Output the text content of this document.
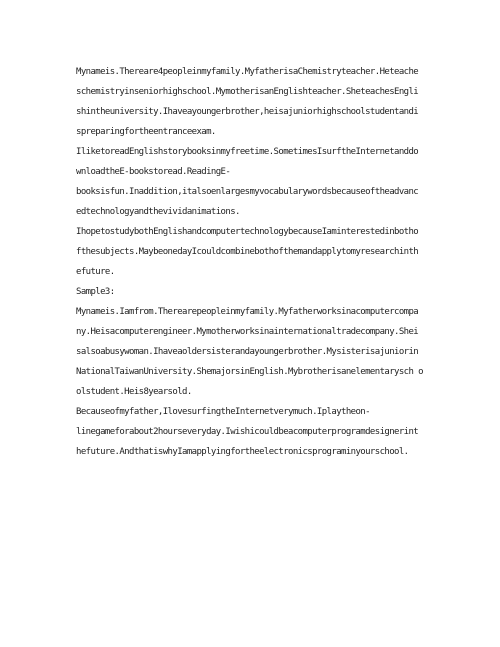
Mynameis.Thereare4peopleinmyfamily.MyfatherisaChemistryteacher.Heteache
schemistryinseniorhighschool.MymotherisanEnglishteacher.SheteachesEngli
shintheuniversity.Ihaveayoungerbrother,heisajuniorhighschoolstudentandi
spreparingfortheentranceexam.
IliketoreadEnglishstorybooksinmyfreetime.SometimesIsurftheInternetanddo
wnloadtheE-bookstoread.ReadingE-
booksisfun.Inaddition,italsoenlargesmyvocabularywordsbecauseoftheadvanc
edtechnologyandthevividanimations.
IhopetostudybothEnglishandcomputertechnologybecauseIaminterestedinbotho
fthesubjects.MaybeonedayIcouldcombinebothofthemandapplytomyresearchinth
efuture.
Sample3:
Mynameis.Iamfrom.Therearepeopleinmyfamily.Myfatherworksinacomputercompa
ny.Heisacomputerengineer.Mymotherworksinainternationaltradecompany.Shei
salsoabusywoman.Ihaveaoldersisterandayoungerbrother.Mysisterisajuniorin
NationalTaiwanUniversity.ShemajorsinEnglish.Mybrotherisanelementarysch o
olstudent.Heis8yearsold.
Becauseofmyfather,IlovesurfingtheInternetverymuch.Iplaytheon-
linegameforabout2hourseveryday.Iwishicouldbeacomputerprogramdesignerint
hefuture.AndthatiswhyIamapplyingfortheelectronicsprograminyourschool.
